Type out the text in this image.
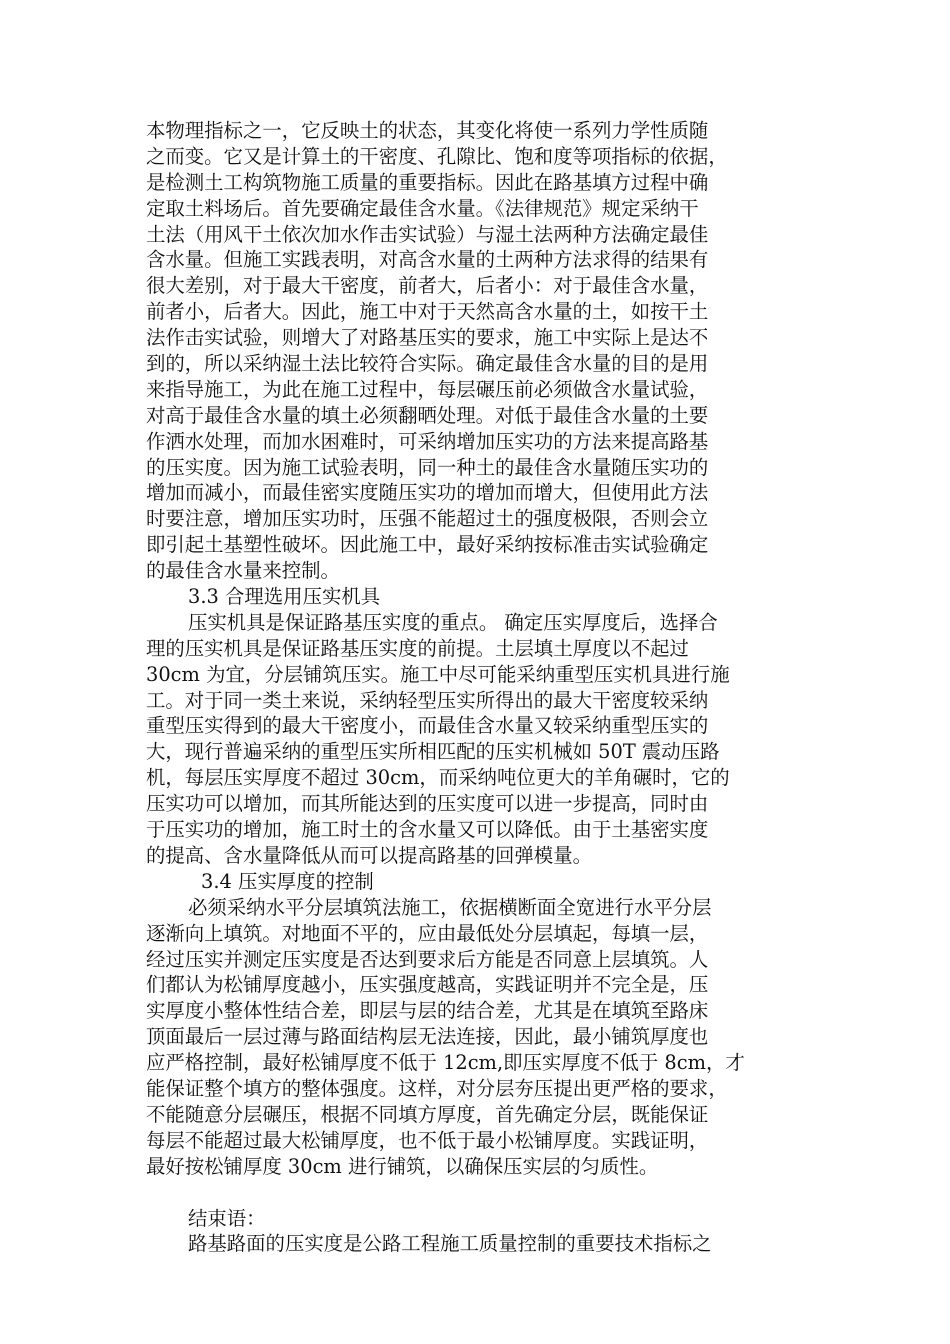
本物理指标之一，它反映土的状态，其变化将使一系列力学性质随
之而变。它又是计算土的干密度、孔隙比、饱和度等项指标的依据，
是检测土工构筑物施工质量的重要指标。因此在路基填方过程中确
定取土料场后。首先要确定最佳含水量。《法律规范》规定采纳干
土法（用风干土依次加水作击实试验）与湿土法两种方法确定最佳
含水量。但施工实践表明，对高含水量的土两种方法求得的结果有
很大差别，对于最大干密度，前者大，后者小：对于最佳含水量，
前者小，后者大。因此，施工中对于天然高含水量的土，如按干土
法作击实试验，则增大了对路基压实的要求，施工中实际上是达不
到的，所以采纳湿土法比较符合实际。确定最佳含水量的目的是用
来指导施工，为此在施工过程中，每层碾压前必须做含水量试验，
对高于最佳含水量的填土必须翻晒处理。对低于最佳含水量的土要
作洒水处理，而加水困难时，可采纳增加压实功的方法来提高路基
的压实度。因为施工试验表明，同一种土的最佳含水量随压实功的
增加而减小，而最佳密实度随压实功的增加而增大，但使用此方法
时要注意，增加压实功时，压强不能超过土的强度极限，否则会立
即引起土基塑性破坏。因此施工中，最好采纳按标准击实试验确定
的最佳含水量来控制。
3.3 合理选用压实机具
压实机具是保证路基压实度的重点。 确定压实厚度后，选择合
理的压实机具是保证路基压实度的前提。土层填土厚度以不起过
30cm 为宜，分层铺筑压实。施工中尽可能采纳重型压实机具进行施
工。对于同一类土来说，采纳轻型压实所得出的最大干密度较采纳
重型压实得到的最大干密度小，而最佳含水量又较采纳重型压实的
大，现行普遍采纳的重型压实所相匹配的压实机械如 50T 震动压路
机，每层压实厚度不超过 30cm，而采纳吨位更大的羊角碾时，它的
压实功可以增加，而其所能达到的压实度可以进一步提高，同时由
于压实功的增加，施工时土的含水量又可以降低。由于土基密实度
的提高、含水量降低从而可以提高路基的回弹模量。
3.4 压实厚度的控制
必须采纳水平分层填筑法施工，依据横断面全宽进行水平分层
逐渐向上填筑。对地面不平的，应由最低处分层填起，每填一层，
经过压实并测定压实度是否达到要求后方能是否同意上层填筑。人
们都认为松铺厚度越小，压实强度越高，实践证明并不完全是，压
实厚度小整体性结合差，即层与层的结合差，尤其是在填筑至路床
顶面最后一层过薄与路面结构层无法连接，因此，最小铺筑厚度也
应严格控制，最好松铺厚度不低于 12cm,即压实厚度不低于 8cm，才
能保证整个填方的整体强度。这样，对分层夯压提出更严格的要求，
不能随意分层碾压，根据不同填方厚度，首先确定分层，既能保证
每层不能超过最大松铺厚度，也不低于最小松铺厚度。实践证明，
最好按松铺厚度 30cm 进行铺筑，以确保压实层的匀质性。
结束语：
路基路面的压实度是公路工程施工质量控制的重要技术指标之
